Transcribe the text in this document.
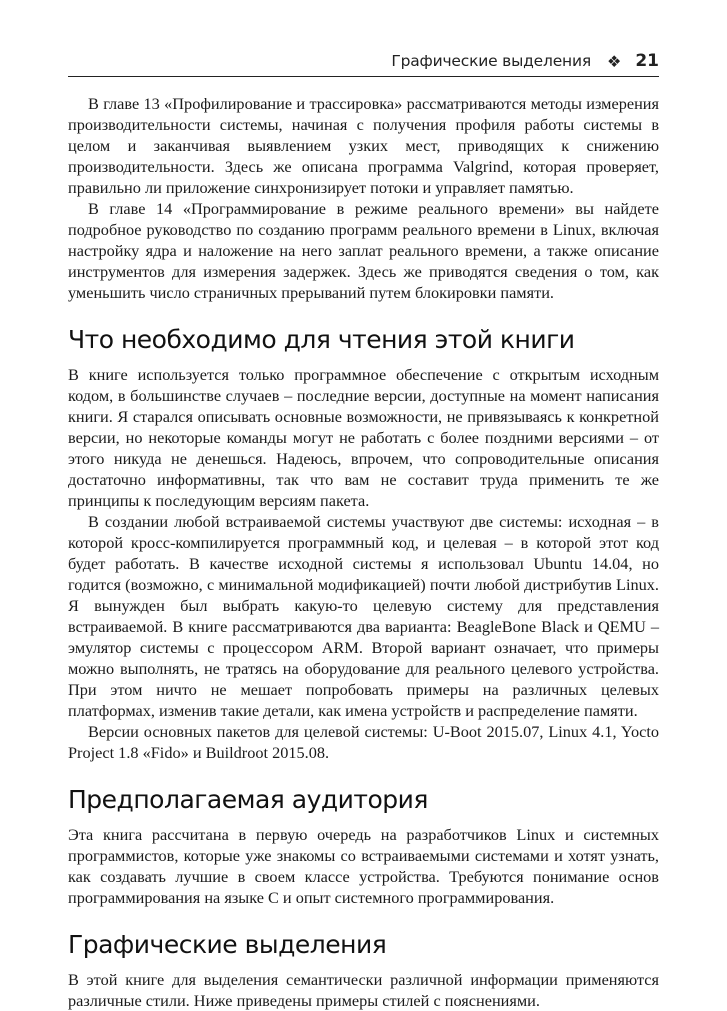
Графические выделения ❖ 21

В главе 13 «Профилирование и трассировка» рассматриваются методы измерения производительности системы, начиная с получения профиля работы системы в целом и заканчивая выявлением узких мест, приводящих к снижению производительности. Здесь же описана программа Valgrind, которая проверяет, правильно ли приложение синхронизирует потоки и управляет памятью.

В главе 14 «Программирование в режиме реального времени» вы найдете подробное руководство по созданию программ реального времени в Linux, включая настройку ядра и наложение на него заплат реального времени, а также описание инструментов для измерения задержек. Здесь же приводятся сведения о том, как уменьшить число страничных прерываний путем блокировки памяти.

Что необходимо для чтения этой книги

В книге используется только программное обеспечение с открытым исходным кодом, в большинстве случаев – последние версии, доступные на момент написания книги. Я старался описывать основные возможности, не привязываясь к конкретной версии, но некоторые команды могут не работать с более поздними версиями – от этого никуда не денешься. Надеюсь, впрочем, что сопроводительные описания достаточно информативны, так что вам не составит труда применить те же принципы к последующим версиям пакета.

В создании любой встраиваемой системы участвуют две системы: исходная – в которой кросс-компилируется программный код, и целевая – в которой этот код будет работать. В качестве исходной системы я использовал Ubuntu 14.04, но годится (возможно, с минимальной модификацией) почти любой дистрибутив Linux. Я вынужден был выбрать какую-то целевую систему для представления встраиваемой. В книге рассматриваются два варианта: BeagleBone Black и QEMU – эмулятор системы с процессором ARM. Второй вариант означает, что примеры можно выполнять, не тратясь на оборудование для реального целевого устройства. При этом ничто не мешает попробовать примеры на различных целевых платформах, изменив такие детали, как имена устройств и распределение памяти.

Версии основных пакетов для целевой системы: U-Boot 2015.07, Linux 4.1, Yocto Project 1.8 «Fido» и Buildroot 2015.08.

Предполагаемая аудитория

Эта книга рассчитана в первую очередь на разработчиков Linux и системных программистов, которые уже знакомы со встраиваемыми системами и хотят узнать, как создавать лучшие в своем классе устройства. Требуются понимание основ программирования на языке C и опыт системного программирования.

Графические выделения

В этой книге для выделения семантически различной информации применяются различные стили. Ниже приведены примеры стилей с пояснениями.
